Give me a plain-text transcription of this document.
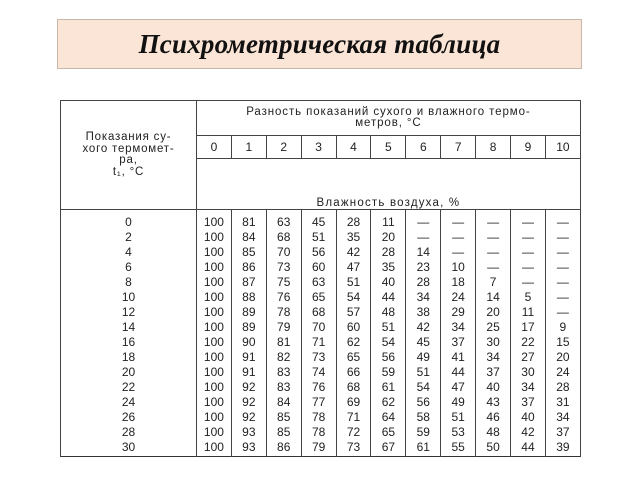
Психрометрическая таблица
Показания су-
хого термомет-
ра,
t₁, °C	Разность показаний сухого и влажного термо-
метров, °C										
	0	1	2	3	4	5	6	7	8	9	10
	Влажность воздуха, %										
0	100	81	63	45	28	11	—	—	—	—	—
2	100	84	68	51	35	20	—	—	—	—	—
4	100	85	70	56	42	28	14	—	—	—	—
6	100	86	73	60	47	35	23	10	—	—	—
8	100	87	75	63	51	40	28	18	7	—	—
10	100	88	76	65	54	44	34	24	14	5	—
12	100	89	78	68	57	48	38	29	20	11	—
14	100	89	79	70	60	51	42	34	25	17	9
16	100	90	81	71	62	54	45	37	30	22	15
18	100	91	82	73	65	56	49	41	34	27	20
20	100	91	83	74	66	59	51	44	37	30	24
22	100	92	83	76	68	61	54	47	40	34	28
24	100	92	84	77	69	62	56	49	43	37	31
26	100	92	85	78	71	64	58	51	46	40	34
28	100	93	85	78	72	65	59	53	48	42	37
30	100	93	86	79	73	67	61	55	50	44	39
